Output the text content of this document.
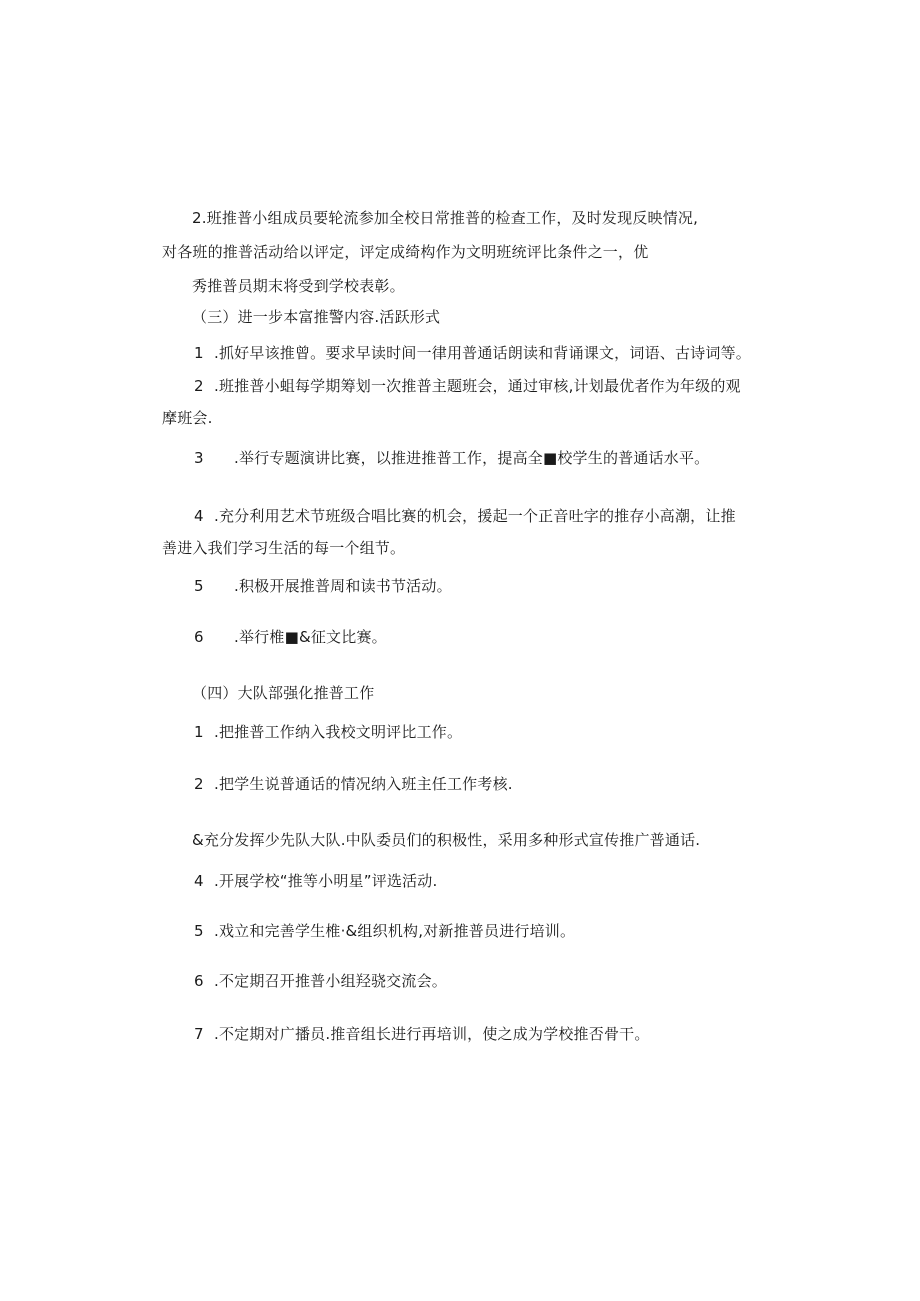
2.班推普小组成员要轮流参加全校日常推普的检查工作，及时发现反映情况,
对各班的推普活动给以评定，评定成绮构作为文明班统评比条件之一，优
秀推普员期末将受到学校表彰。
（三）进一步本富推警内容.活跃形式
1 .抓好早该推曾。要求早读时间一律用普通话朗读和背诵课文，词语、古诗词等。
2 .班推普小蛆每学期筹划一次推普主题班会，通过审核,计划最优者作为年级的观
摩班会.
3 .举行专题演讲比赛，以推进推普工作，提高全■校学生的普通话水平。
4 .充分利用艺术节班级合唱比赛的机会，援起一个正音吐字的推存小高潮，让推
善进入我们学习生活的每一个组节。
5 .积极开展推普周和读书节活动。
6 .举行椎■&征文比赛。
（四）大队部强化推普工作
1 .把推普工作纳入我校文明评比工作。
2 .把学生说普通话的情况纳入班主任工作考核.
&充分发挥少先队大队.中队委员们的积极性，采用多种形式宣传推广普通话.
4 .开展学校“推等小明星”评选活动.
5 .戏立和完善学生椎·&组织机构,对新推普员进行培训。
6 .不定期召开推普小组羟骁交流会。
7 .不定期对广播员.推音组长进行再培训，使之成为学校推否骨干。
